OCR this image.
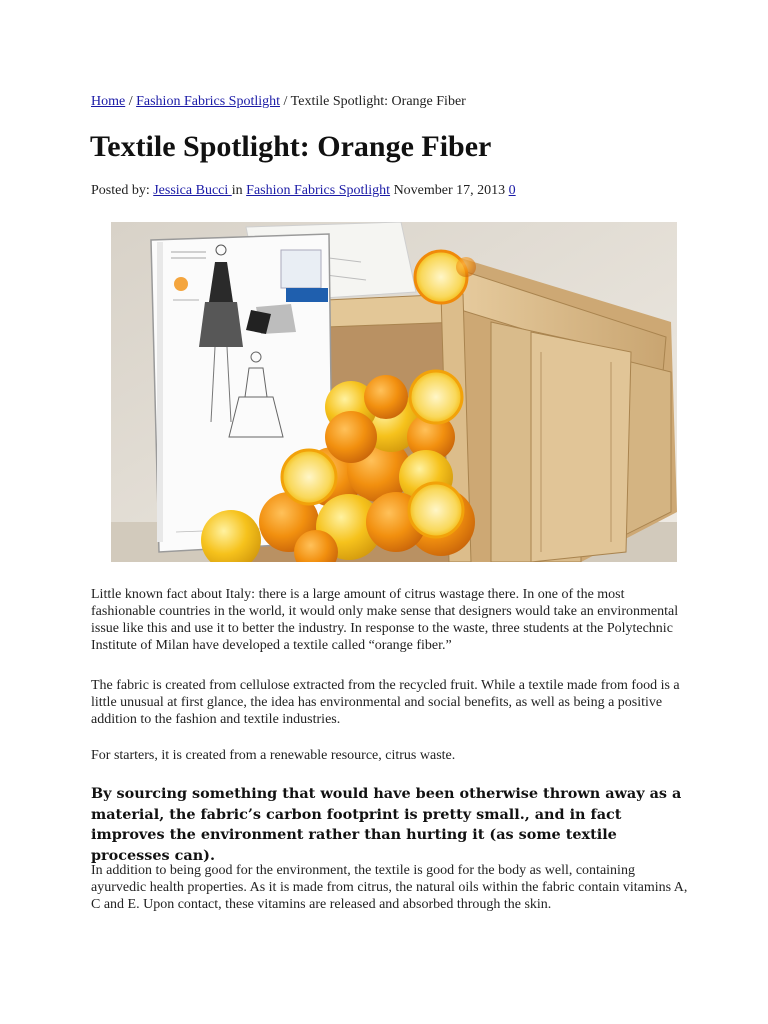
Home / Fashion Fabrics Spotlight / Textile Spotlight: Orange Fiber
Textile Spotlight: Orange Fiber
Posted by: Jessica Bucci in Fashion Fabrics Spotlight November 17, 2013 0

Little known fact about Italy: there is a large amount of citrus wastage there. In one of the most fashionable countries in the world, it would only make sense that designers would take an environmental issue like this and use it to better the industry. In response to the waste, three students at the Polytechnic Institute of Milan have developed a textile called “orange fiber.”

The fabric is created from cellulose extracted from the recycled fruit. While a textile made from food is a little unusual at first glance, the idea has environmental and social benefits, as well as being a positive addition to the fashion and textile industries.

For starters, it is created from a renewable resource, citrus waste.

By sourcing something that would have been otherwise thrown away as a material, the fabric’s carbon footprint is pretty small., and in fact improves the environment rather than hurting it (as some textile processes can).

In addition to being good for the environment, the textile is good for the body as well, containing ayurvedic health properties. As it is made from citrus, the natural oils within the fabric contain vitamins A, C and E. Upon contact, these vitamins are released and absorbed through the skin.
